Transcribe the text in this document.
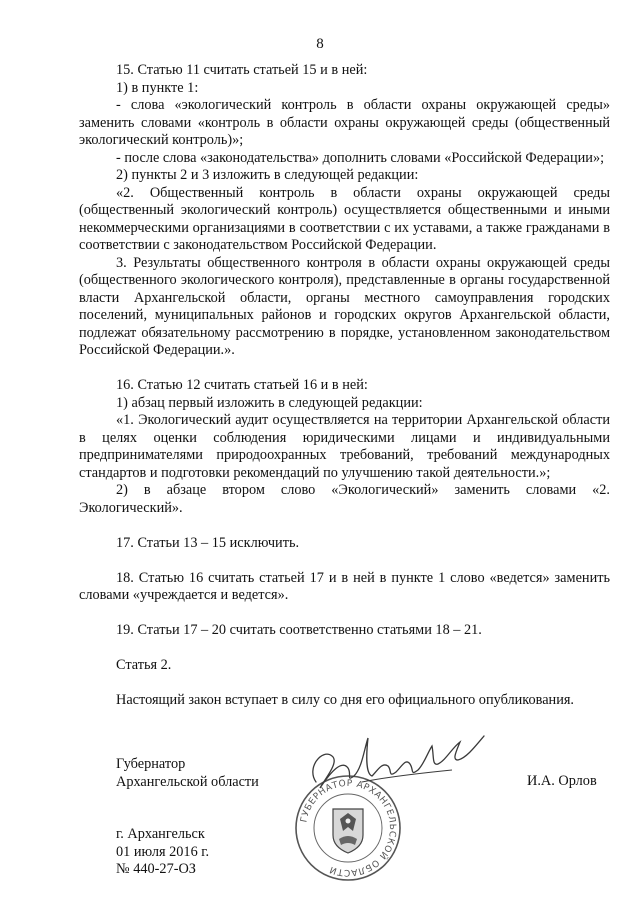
8

15. Статью 11 считать статьей 15 и в ней:

1) в пункте 1:

- слова «экологический контроль в области охраны окружающей среды» заменить словами «контроль в области охраны окружающей среды (общественный экологический контроль)»;

- после слова «законодательства» дополнить словами «Российской Федерации»;

2) пункты 2 и 3 изложить в следующей редакции:

«2. Общественный контроль в области охраны окружающей среды (общественный экологический контроль) осуществляется общественными и иными некоммерческими организациями в соответствии с их уставами, а также гражданами в соответствии с законодательством Российской Федерации.

3. Результаты общественного контроля в области охраны окружающей среды (общественного экологического контроля), представленные в органы государственной власти Архангельской области, органы местного самоуправления городских поселений, муниципальных районов и городских округов Архангельской области, подлежат обязательному рассмотрению в порядке, установленном законодательством Российской Федерации.».

16. Статью 12 считать статьей 16 и в ней:

1) абзац первый изложить в следующей редакции:

«1. Экологический аудит осуществляется на территории Архангельской области в целях оценки соблюдения юридическими лицами и индивидуальными предпринимателями природоохранных требований, требований международных стандартов и подготовки рекомендаций по улучшению такой деятельности.»;

2) в абзаце втором слово «Экологический» заменить словами «2. Экологический».

17. Статьи 13 – 15 исключить.

18. Статью 16 считать статьей 17 и в ней в пункте 1 слово «ведется» заменить словами «учреждается и ведется».

19. Статьи 17 – 20 считать соответственно статьями 18 – 21.

Статья 2.

Настоящий закон вступает в силу со дня его официального опубликования.

Губернатор
Архангельской области	И.А. Орлов
ГУБЕРНАТОР АРХАНГЕЛЬСКОЙ ОБЛАСТИ
г. Архангельск
01 июля 2016 г.
№ 440-27-ОЗ
